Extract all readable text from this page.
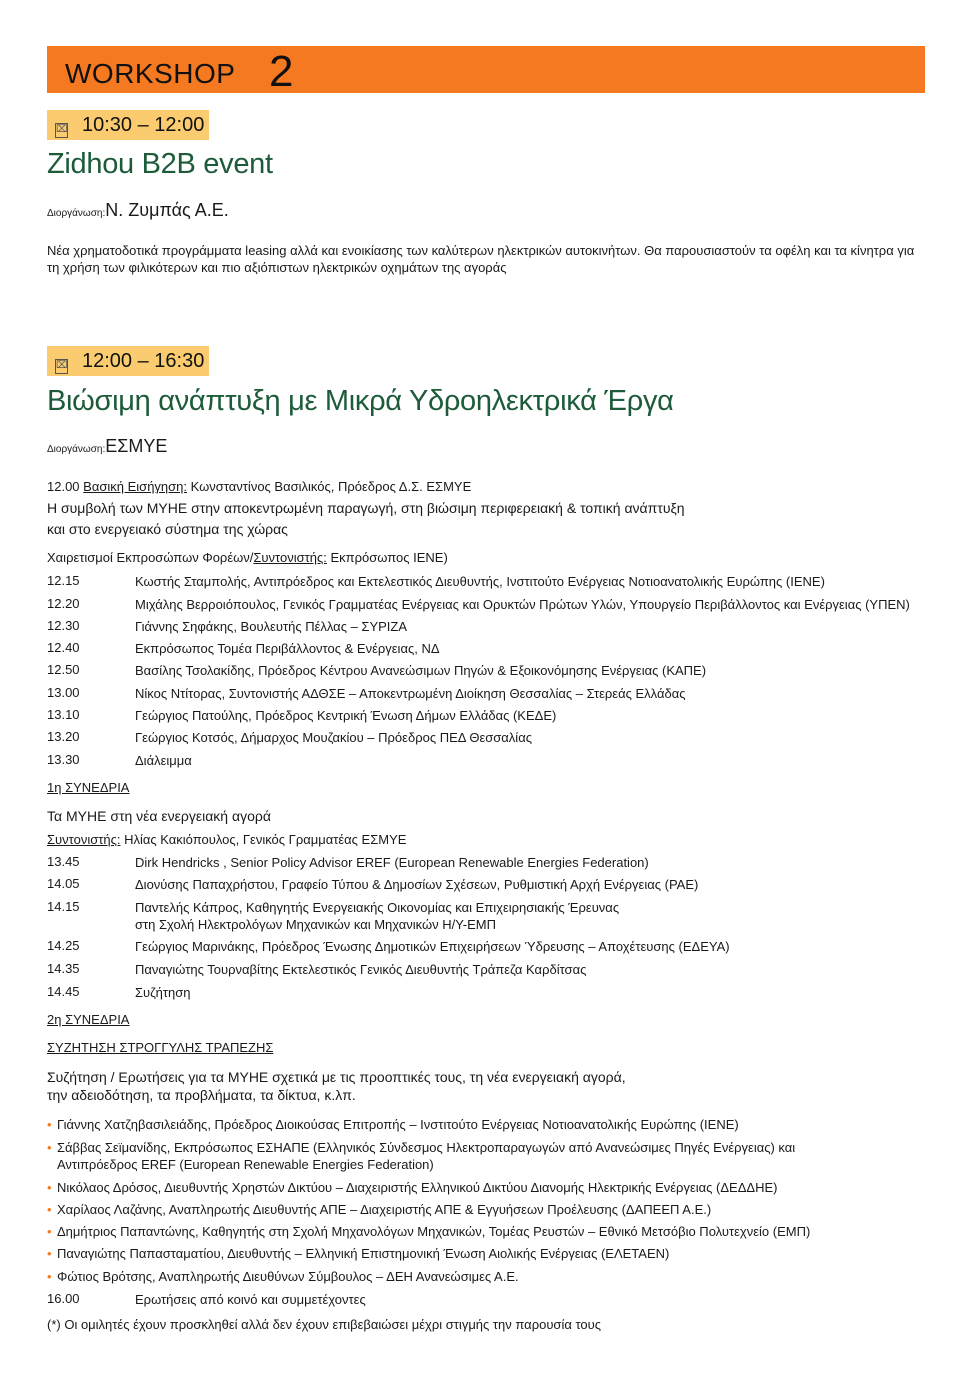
WORKSHOP 2
⌧ 10:30 – 12:00
Zidhou B2B event
Διοργάνωση:Ν. Ζυμπάς Α.Ε.
Νέα χρηματοδοτικά προγράμματα leasing αλλά και ενοικίασης των καλύτερων ηλεκτρικών αυτοκινήτων. Θα παρουσιαστούν τα οφέλη και τα κίνητρα για
τη χρήση των φιλικότερων και πιο αξιόπιστων ηλεκτρικών οχημάτων της αγοράς
⌧ 12:00 – 16:30
Βιώσιμη ανάπτυξη με Μικρά Υδροηλεκτρικά Έργα
Διοργάνωση:ΕΣΜΥΕ
12.00 Βασική Εισήγηση: Κωνσταντίνος Βασιλικός, Πρόεδρος Δ.Σ. ΕΣΜΥΕ
Η συμβολή των ΜΥΗΕ στην αποκεντρωμένη παραγωγή, στη βιώσιμη περιφερειακή & τοπική ανάπτυξη
και στο ενεργειακό σύστημα της χώρας
Χαιρετισμοί Εκπροσώπων Φορέων/Συντονιστής: Εκπρόσωπος ΙΕΝΕ)
12.15	Κωστής Σταμπολής, Αντιπρόεδρος και Εκτελεστικός Διευθυντής, Ινστιτούτο Ενέργειας Νοτιοανατολικής Ευρώπης (ΙΕΝΕ)
12.20	Μιχάλης Βερροιόπουλος, Γενικός Γραμματέας Ενέργειας και Ορυκτών Πρώτων Υλών, Υπουργείο Περιβάλλοντος και Ενέργειας (ΥΠΕΝ)
12.30	Γιάννης Σηφάκης, Βουλευτής Πέλλας – ΣΥΡΙΖΑ
12.40	Εκπρόσωπος Τομέα Περιβάλλοντος & Ενέργειας, ΝΔ
12.50	Βασίλης Τσολακίδης, Πρόεδρος Κέντρου Ανανεώσιμων Πηγών & Εξοικονόμησης Ενέργειας (ΚΑΠΕ)
13.00	Νίκος Ντίτορας, Συντονιστής ΑΔΘΣΕ – Αποκεντρωμένη Διοίκηση Θεσσαλίας – Στερεάς Ελλάδας
13.10	Γεώργιος Πατούλης, Πρόεδρος Κεντρική Ένωση Δήμων Ελλάδας (ΚΕΔΕ)
13.20	Γεώργιος Κοτσός, Δήμαρχος Μουζακίου – Πρόεδρος ΠΕΔ Θεσσαλίας
13.30	Διάλειμμα
1η ΣΥΝΕΔΡΙΑ
Τα ΜΥΗΕ στη νέα ενεργειακή αγορά
Συντονιστής: Ηλίας Κακιόπουλος, Γενικός Γραμματέας ΕΣΜΥΕ
13.45	Dirk Hendricks , Senior Policy Advisor EREF (European Renewable Energies Federation)
14.05	Διονύσης Παπαχρήστου, Γραφείο Τύπου & Δημοσίων Σχέσεων, Ρυθμιστική Αρχή Ενέργειας (ΡΑΕ)
14.15	Παντελής Κάπρος, Καθηγητής Ενεργειακής Οικονομίας και Επιχειρησιακής Έρευνας
στη Σχολή Ηλεκτρολόγων Μηχανικών και Μηχανικών Η/Υ-ΕΜΠ
14.25	Γεώργιος Μαρινάκης, Πρόεδρος Ένωσης Δημοτικών Επιχειρήσεων Ύδρευσης – Αποχέτευσης (ΕΔΕΥΑ)
14.35	Παναγιώτης Τουρναβίτης Εκτελεστικός Γενικός Διευθυντής Τράπεζα Καρδίτσας
14.45	Συζήτηση
2η ΣΥΝΕΔΡΙΑ
ΣΥΖΗΤΗΣΗ ΣΤΡΟΓΓΥΛΗΣ ΤΡΑΠΕΖΗΣ
Συζήτηση / Ερωτήσεις για τα ΜΥΗΕ σχετικά με τις προοπτικές τους, τη νέα ενεργειακή αγορά,
την αδειοδότηση, τα προβλήματα, τα δίκτυα, κ.λπ.
• Γιάννης Χατζηβασιλειάδης, Πρόεδρος Διοικούσας Επιτροπής – Ινστιτούτο Ενέργειας Νοτιοανατολικής Ευρώπης (ΙΕΝΕ)
• Σάββας Σεϊμανίδης, Εκπρόσωπος ΕΣΗΑΠΕ (Ελληνικός Σύνδεσμος Ηλεκτροπαραγωγών από Ανανεώσιμες Πηγές Ενέργειας) και
Αντιπρόεδρος EREF (European Renewable Energies Federation)
• Νικόλαος Δρόσος, Διευθυντής Χρηστών Δικτύου – Διαχειριστής Ελληνικού Δικτύου Διανομής Ηλεκτρικής Ενέργειας (ΔΕΔΔΗΕ)
• Χαρίλαος Λαζάνης, Αναπληρωτής Διευθυντής ΑΠΕ – Διαχειριστής ΑΠΕ & Εγγυήσεων Προέλευσης (ΔΑΠΕΕΠ Α.Ε.)
• Δημήτριος Παπαντώνης, Καθηγητής στη Σχολή Μηχανολόγων Μηχανικών, Τομέας Ρευστών – Εθνικό Μετσόβιο Πολυτεχνείο (ΕΜΠ)
• Παναγιώτης Παπασταματίου, Διευθυντής – Ελληνική Επιστημονική Ένωση Αιολικής Ενέργειας (ΕΛΕΤΑΕΝ)
• Φώτιος Βρότσης, Αναπληρωτής Διευθύνων Σύμβουλος – ΔΕΗ Ανανεώσιμες Α.Ε.
16.00	Ερωτήσεις από κοινό και συμμετέχοντες
(*) Οι ομιλητές έχουν προσκληθεί αλλά δεν έχουν επιβεβαιώσει μέχρι στιγμής την παρουσία τους
